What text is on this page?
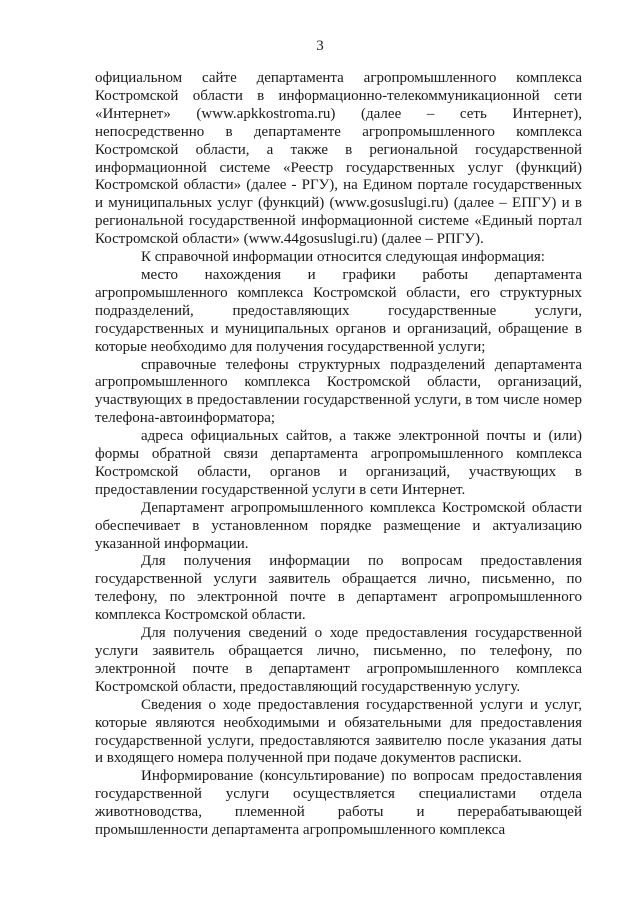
3

официальном сайте департамента агропромышленного комплекса Костромской области в информационно-телекоммуникационной сети «Интернет» (www.apkkostroma.ru) (далее – сеть Интернет), непосредственно в департаменте агропромышленного комплекса Костромской области, а также в региональной государственной информационной системе «Реестр государственных услуг (функций) Костромской области» (далее - РГУ), на Едином портале государственных и муниципальных услуг (функций) (www.gosuslugi.ru) (далее – ЕПГУ) и в региональной государственной информационной системе «Единый портал Костромской области» (www.44gosuslugi.ru) (далее – РПГУ).

К справочной информации относится следующая информация:

место нахождения и графики работы департамента агропромышленного комплекса Костромской области, его структурных подразделений, предоставляющих государственные услуги, государственных и муниципальных органов и организаций, обращение в которые необходимо для получения государственной услуги;

справочные телефоны структурных подразделений департамента агропромышленного комплекса Костромской области, организаций, участвующих в предоставлении государственной услуги, в том числе номер телефона-автоинформатора;

адреса официальных сайтов, а также электронной почты и (или) формы обратной связи департамента агропромышленного комплекса Костромской области, органов и организаций, участвующих в предоставлении государственной услуги в сети Интернет.

Департамент агропромышленного комплекса Костромской области обеспечивает в установленном порядке размещение и актуализацию указанной информации.

Для получения информации по вопросам предоставления государственной услуги заявитель обращается лично, письменно, по телефону, по электронной почте в департамент агропромышленного комплекса Костромской области.

Для получения сведений о ходе предоставления государственной услуги заявитель обращается лично, письменно, по телефону, по электронной почте в департамент агропромышленного комплекса Костромской области, предоставляющий государственную услугу.

Сведения о ходе предоставления государственной услуги и услуг, которые являются необходимыми и обязательными для предоставления государственной услуги, предоставляются заявителю после указания даты и входящего номера полученной при подаче документов расписки.

Информирование (консультирование) по вопросам предоставления государственной услуги осуществляется специалистами отдела животноводства, племенной работы и перерабатывающей промышленности департамента агропромышленного комплекса
